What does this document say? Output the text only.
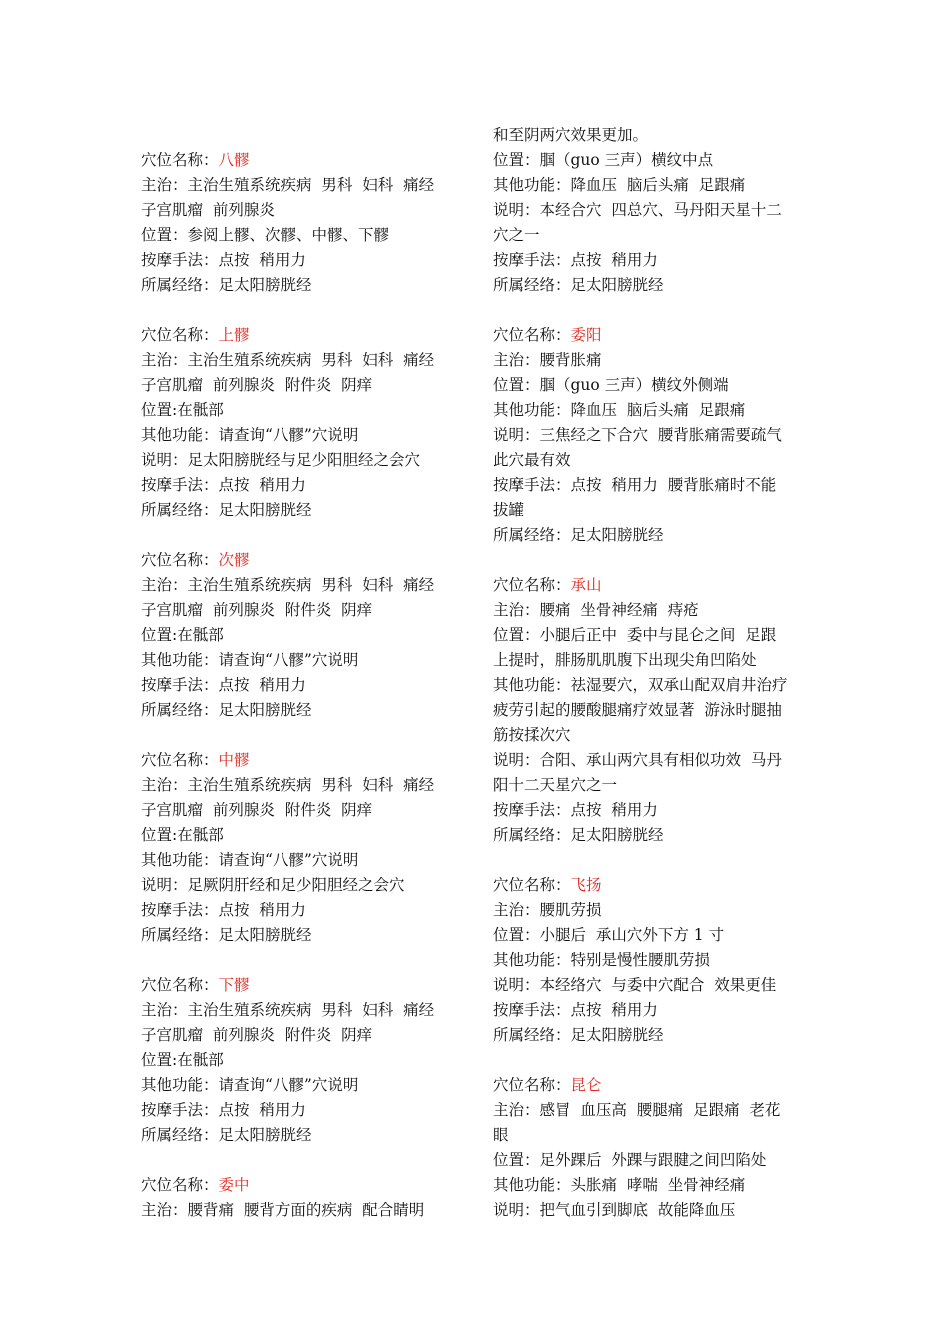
穴位名称：八髎
主治：主治生殖系统疾病  男科  妇科  痛经
子宫肌瘤  前列腺炎
位置：参阅上髎、次髎、中髎、下髎
按摩手法：点按  稍用力
所属经络：足太阳膀胱经
穴位名称：上髎
主治：主治生殖系统疾病  男科  妇科  痛经
子宫肌瘤  前列腺炎  附件炎  阴痒
位置:在骶部
其他功能：请查询“八髎”穴说明
说明：足太阳膀胱经与足少阳胆经之会穴
按摩手法：点按  稍用力
所属经络：足太阳膀胱经
穴位名称：次髎
主治：主治生殖系统疾病  男科  妇科  痛经
子宫肌瘤  前列腺炎  附件炎  阴痒
位置:在骶部
其他功能：请查询“八髎”穴说明
按摩手法：点按  稍用力
所属经络：足太阳膀胱经
穴位名称：中髎
主治：主治生殖系统疾病  男科  妇科  痛经
子宫肌瘤  前列腺炎  附件炎  阴痒
位置:在骶部
其他功能：请查询“八髎”穴说明
说明：足厥阴肝经和足少阳胆经之会穴
按摩手法：点按  稍用力
所属经络：足太阳膀胱经
穴位名称：下髎
主治：主治生殖系统疾病  男科  妇科  痛经
子宫肌瘤  前列腺炎  附件炎  阴痒
位置:在骶部
其他功能：请查询“八髎”穴说明
按摩手法：点按  稍用力
所属经络：足太阳膀胱经
穴位名称：委中
主治：腰背痛  腰背方面的疾病  配合睛明
和至阴两穴效果更加。
位置：腘（guo 三声）横纹中点
其他功能：降血压  脑后头痛  足跟痛
说明：本经合穴  四总穴、马丹阳天星十二
穴之一
按摩手法：点按  稍用力
所属经络：足太阳膀胱经
穴位名称：委阳
主治：腰背胀痛
位置：腘（guo 三声）横纹外侧端
其他功能：降血压  脑后头痛  足跟痛
说明：三焦经之下合穴  腰背胀痛需要疏气
此穴最有效
按摩手法：点按  稍用力  腰背胀痛时不能
拔罐
所属经络：足太阳膀胱经
穴位名称：承山
主治：腰痛  坐骨神经痛  痔疮
位置：小腿后正中  委中与昆仑之间  足跟
上提时，腓肠肌肌腹下出现尖角凹陷处
其他功能：祛湿要穴，双承山配双肩井治疗
疲劳引起的腰酸腿痛疗效显著  游泳时腿抽
筋按揉次穴
说明：合阳、承山两穴具有相似功效  马丹
阳十二天星穴之一
按摩手法：点按  稍用力
所属经络：足太阳膀胱经
穴位名称：飞扬
主治：腰肌劳损
位置：小腿后  承山穴外下方 1 寸
其他功能：特别是慢性腰肌劳损
说明：本经络穴  与委中穴配合  效果更佳
按摩手法：点按  稍用力
所属经络：足太阳膀胱经
穴位名称：昆仑
主治：感冒  血压高  腰腿痛  足跟痛  老花
眼
位置：足外踝后  外踝与跟腱之间凹陷处
其他功能：头胀痛  哮喘  坐骨神经痛
说明：把气血引到脚底  故能降血压
